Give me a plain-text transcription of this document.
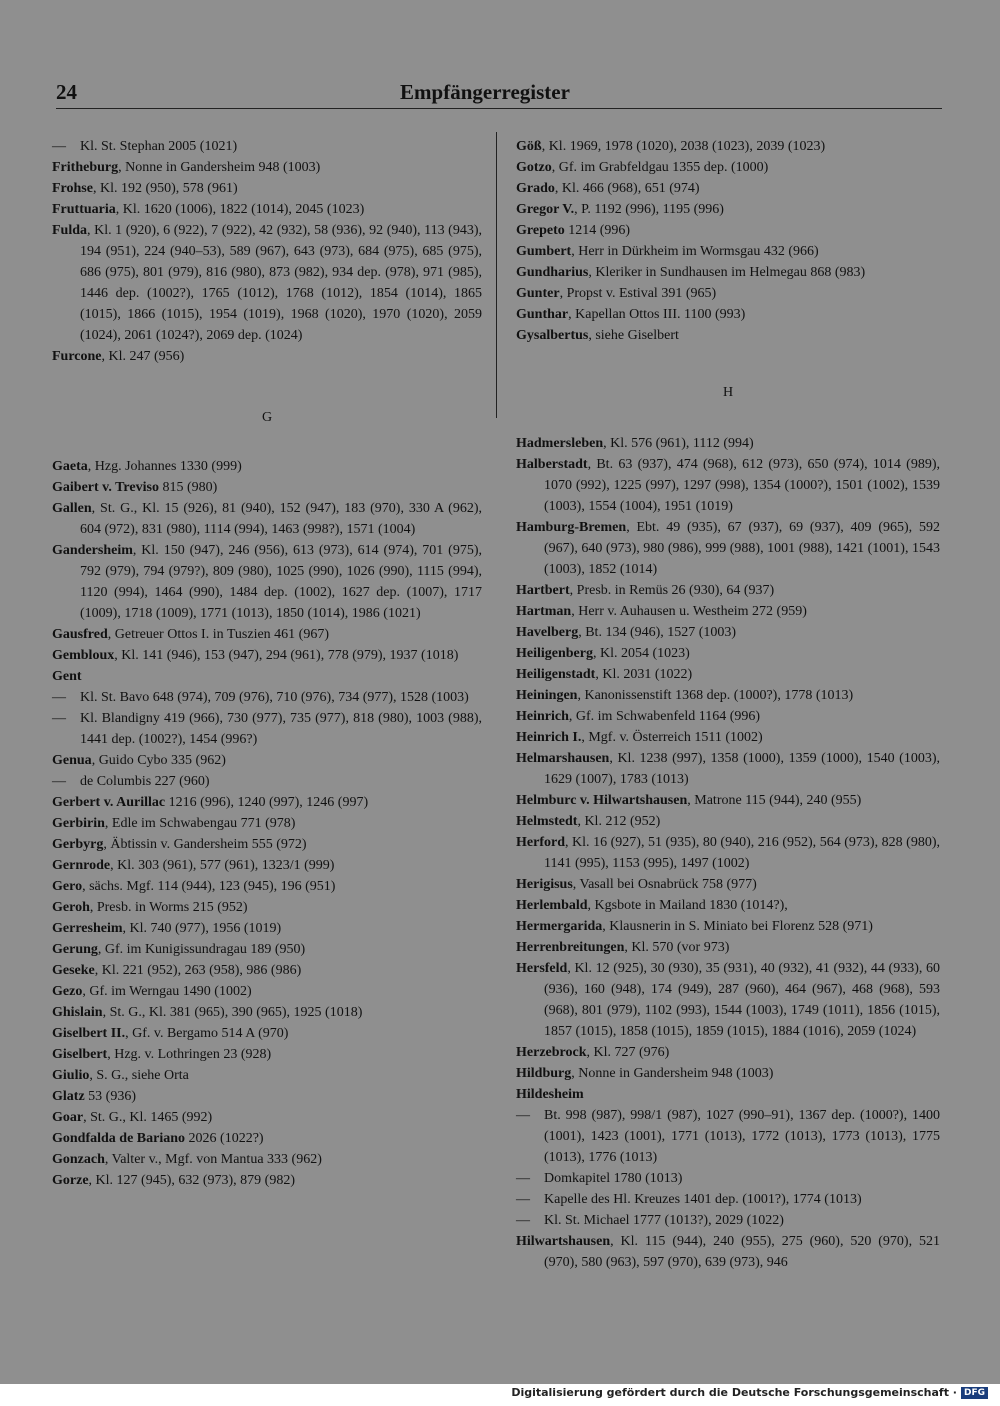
24	Empfängerregister

— Kl. St. Stephan 2005 (1021)

Fritheburg, Nonne in Gandersheim 948 (1003)

Frohse, Kl. 192 (950), 578 (961)

Fruttuaria, Kl. 1620 (1006), 1822 (1014), 2045 (1023)

Fulda, Kl. 1 (920), 6 (922), 7 (922), 42 (932), 58 (936), 92 (940), 113 (943), 194 (951), 224 (940–53), 589 (967), 643 (973), 684 (975), 685 (975), 686 (975), 801 (979), 816 (980), 873 (982), 934 dep. (978), 971 (985), 1446 dep. (1002?), 1765 (1012), 1768 (1012), 1854 (1014), 1865 (1015), 1866 (1015), 1954 (1019), 1968 (1020), 1970 (1020), 2059 (1024), 2061 (1024?), 2069 dep. (1024)

Furcone, Kl. 247 (956)

G

Gaeta, Hzg. Johannes 1330 (999)

Gaibert v. Treviso 815 (980)

Gallen, St. G., Kl. 15 (926), 81 (940), 152 (947), 183 (970), 330 A (962), 604 (972), 831 (980), 1114 (994), 1463 (998?), 1571 (1004)

Gandersheim, Kl. 150 (947), 246 (956), 613 (973), 614 (974), 701 (975), 792 (979), 794 (979?), 809 (980), 1025 (990), 1026 (990), 1115 (994), 1120 (994), 1464 (990), 1484 dep. (1002), 1627 dep. (1007), 1717 (1009), 1718 (1009), 1771 (1013), 1850 (1014), 1986 (1021)

Gausfred, Getreuer Ottos I. in Tuszien 461 (967)

Gembloux, Kl. 141 (946), 153 (947), 294 (961), 778 (979), 1937 (1018)

Gent

— Kl. St. Bavo 648 (974), 709 (976), 710 (976), 734 (977), 1528 (1003)

— Kl. Blandigny 419 (966), 730 (977), 735 (977), 818 (980), 1003 (988), 1441 dep. (1002?), 1454 (996?)

Genua, Guido Cybo 335 (962)

— de Columbis 227 (960)

Gerbert v. Aurillac 1216 (996), 1240 (997), 1246 (997)

Gerbirin, Edle im Schwabengau 771 (978)

Gerbyrg, Äbtissin v. Gandersheim 555 (972)

Gernrode, Kl. 303 (961), 577 (961), 1323/1 (999)

Gero, sächs. Mgf. 114 (944), 123 (945), 196 (951)

Geroh, Presb. in Worms 215 (952)

Gerresheim, Kl. 740 (977), 1956 (1019)

Gerung, Gf. im Kunigissundragau 189 (950)

Geseke, Kl. 221 (952), 263 (958), 986 (986)

Gezo, Gf. im Werngau 1490 (1002)

Ghislain, St. G., Kl. 381 (965), 390 (965), 1925 (1018)

Giselbert II., Gf. v. Bergamo 514 A (970)

Giselbert, Hzg. v. Lothringen 23 (928)

Giulio, S. G., siehe Orta

Glatz 53 (936)

Goar, St. G., Kl. 1465 (992)

Gondfalda de Bariano 2026 (1022?)

Gonzach, Valter v., Mgf. von Mantua 333 (962)

Gorze, Kl. 127 (945), 632 (973), 879 (982)

Göß, Kl. 1969, 1978 (1020), 2038 (1023), 2039 (1023)

Gotzo, Gf. im Grabfeldgau 1355 dep. (1000)

Grado, Kl. 466 (968), 651 (974)

Gregor V., P. 1192 (996), 1195 (996)

Grepeto 1214 (996)

Gumbert, Herr in Dürkheim im Wormsgau 432 (966)

Gundharius, Kleriker in Sundhausen im Helmegau 868 (983)

Gunter, Propst v. Estival 391 (965)

Gunthar, Kapellan Ottos III. 1100 (993)

Gysalbertus, siehe Giselbert

H

Hadmersleben, Kl. 576 (961), 1112 (994)

Halberstadt, Bt. 63 (937), 474 (968), 612 (973), 650 (974), 1014 (989), 1070 (992), 1225 (997), 1297 (998), 1354 (1000?), 1501 (1002), 1539 (1003), 1554 (1004), 1951 (1019)

Hamburg-Bremen, Ebt. 49 (935), 67 (937), 69 (937), 409 (965), 592 (967), 640 (973), 980 (986), 999 (988), 1001 (988), 1421 (1001), 1543 (1003), 1852 (1014)

Hartbert, Presb. in Remüs 26 (930), 64 (937)

Hartman, Herr v. Auhausen u. Westheim 272 (959)

Havelberg, Bt. 134 (946), 1527 (1003)

Heiligenberg, Kl. 2054 (1023)

Heiligenstadt, Kl. 2031 (1022)

Heiningen, Kanonissenstift 1368 dep. (1000?), 1778 (1013)

Heinrich, Gf. im Schwabenfeld 1164 (996)

Heinrich I., Mgf. v. Österreich 1511 (1002)

Helmarshausen, Kl. 1238 (997), 1358 (1000), 1359 (1000), 1540 (1003), 1629 (1007), 1783 (1013)

Helmburc v. Hilwartshausen, Matrone 115 (944), 240 (955)

Helmstedt, Kl. 212 (952)

Herford, Kl. 16 (927), 51 (935), 80 (940), 216 (952), 564 (973), 828 (980), 1141 (995), 1153 (995), 1497 (1002)

Herigisus, Vasall bei Osnabrück 758 (977)

Herlembald, Kgsbote in Mailand 1830 (1014?),

Hermergarida, Klausnerin in S. Miniato bei Florenz 528 (971)

Herrenbreitungen, Kl. 570 (vor 973)

Hersfeld, Kl. 12 (925), 30 (930), 35 (931), 40 (932), 41 (932), 44 (933), 60 (936), 160 (948), 174 (949), 287 (960), 464 (967), 468 (968), 593 (968), 801 (979), 1102 (993), 1544 (1003), 1749 (1011), 1856 (1015), 1857 (1015), 1858 (1015), 1859 (1015), 1884 (1016), 2059 (1024)

Herzebrock, Kl. 727 (976)

Hildburg, Nonne in Gandersheim 948 (1003)

Hildesheim

— Bt. 998 (987), 998/1 (987), 1027 (990–91), 1367 dep. (1000?), 1400 (1001), 1423 (1001), 1771 (1013), 1772 (1013), 1773 (1013), 1775 (1013), 1776 (1013)

— Domkapitel 1780 (1013)

— Kapelle des Hl. Kreuzes 1401 dep. (1001?), 1774 (1013)

— Kl. St. Michael 1777 (1013?), 2029 (1022)

Hilwartshausen, Kl. 115 (944), 240 (955), 275 (960), 520 (970), 521 (970), 580 (963), 597 (970), 639 (973), 946

Digitalisierung gefördert durch die Deutsche Forschungsgemeinschaft · DFG
